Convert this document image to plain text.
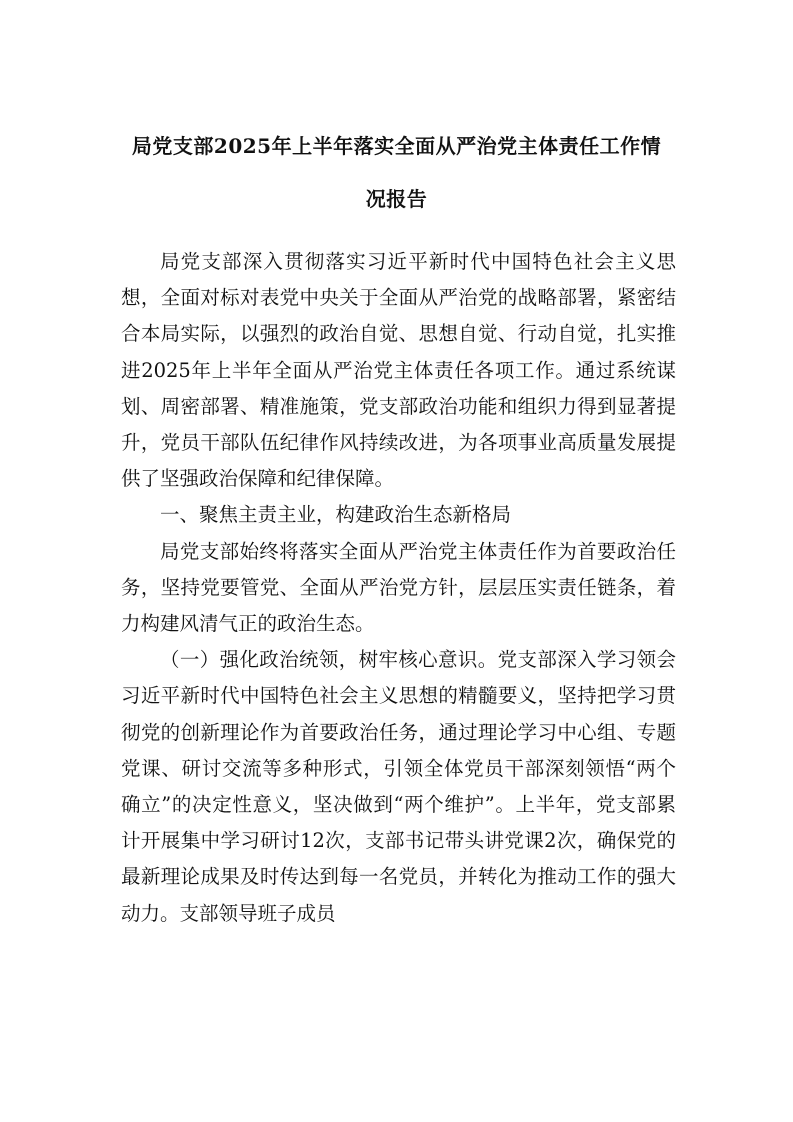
局党支部2025年上半年落实全面从严治党主体责任工作情
况报告

局党支部深入贯彻落实习近平新时代中国特色社会主义思想，全面对标对表党中央关于全面从严治党的战略部署，紧密结合本局实际，以强烈的政治自觉、思想自觉、行动自觉，扎实推进2025年上半年全面从严治党主体责任各项工作。通过系统谋划、周密部署、精准施策，党支部政治功能和组织力得到显著提升，党员干部队伍纪律作风持续改进，为各项事业高质量发展提供了坚强政治保障和纪律保障。

一、聚焦主责主业，构建政治生态新格局

局党支部始终将落实全面从严治党主体责任作为首要政治任务，坚持党要管党、全面从严治党方针，层层压实责任链条，着力构建风清气正的政治生态。

（一）强化政治统领，树牢核心意识。党支部深入学习领会习近平新时代中国特色社会主义思想的精髓要义，坚持把学习贯彻党的创新理论作为首要政治任务，通过理论学习中心组、专题党课、研讨交流等多种形式，引领全体党员干部深刻领悟“两个确立”的决定性意义，坚决做到“两个维护”。上半年，党支部累计开展集中学习研讨12次，支部书记带头讲党课2次，确保党的最新理论成果及时传达到每一名党员，并转化为推动工作的强大动力。支部领导班子成员
